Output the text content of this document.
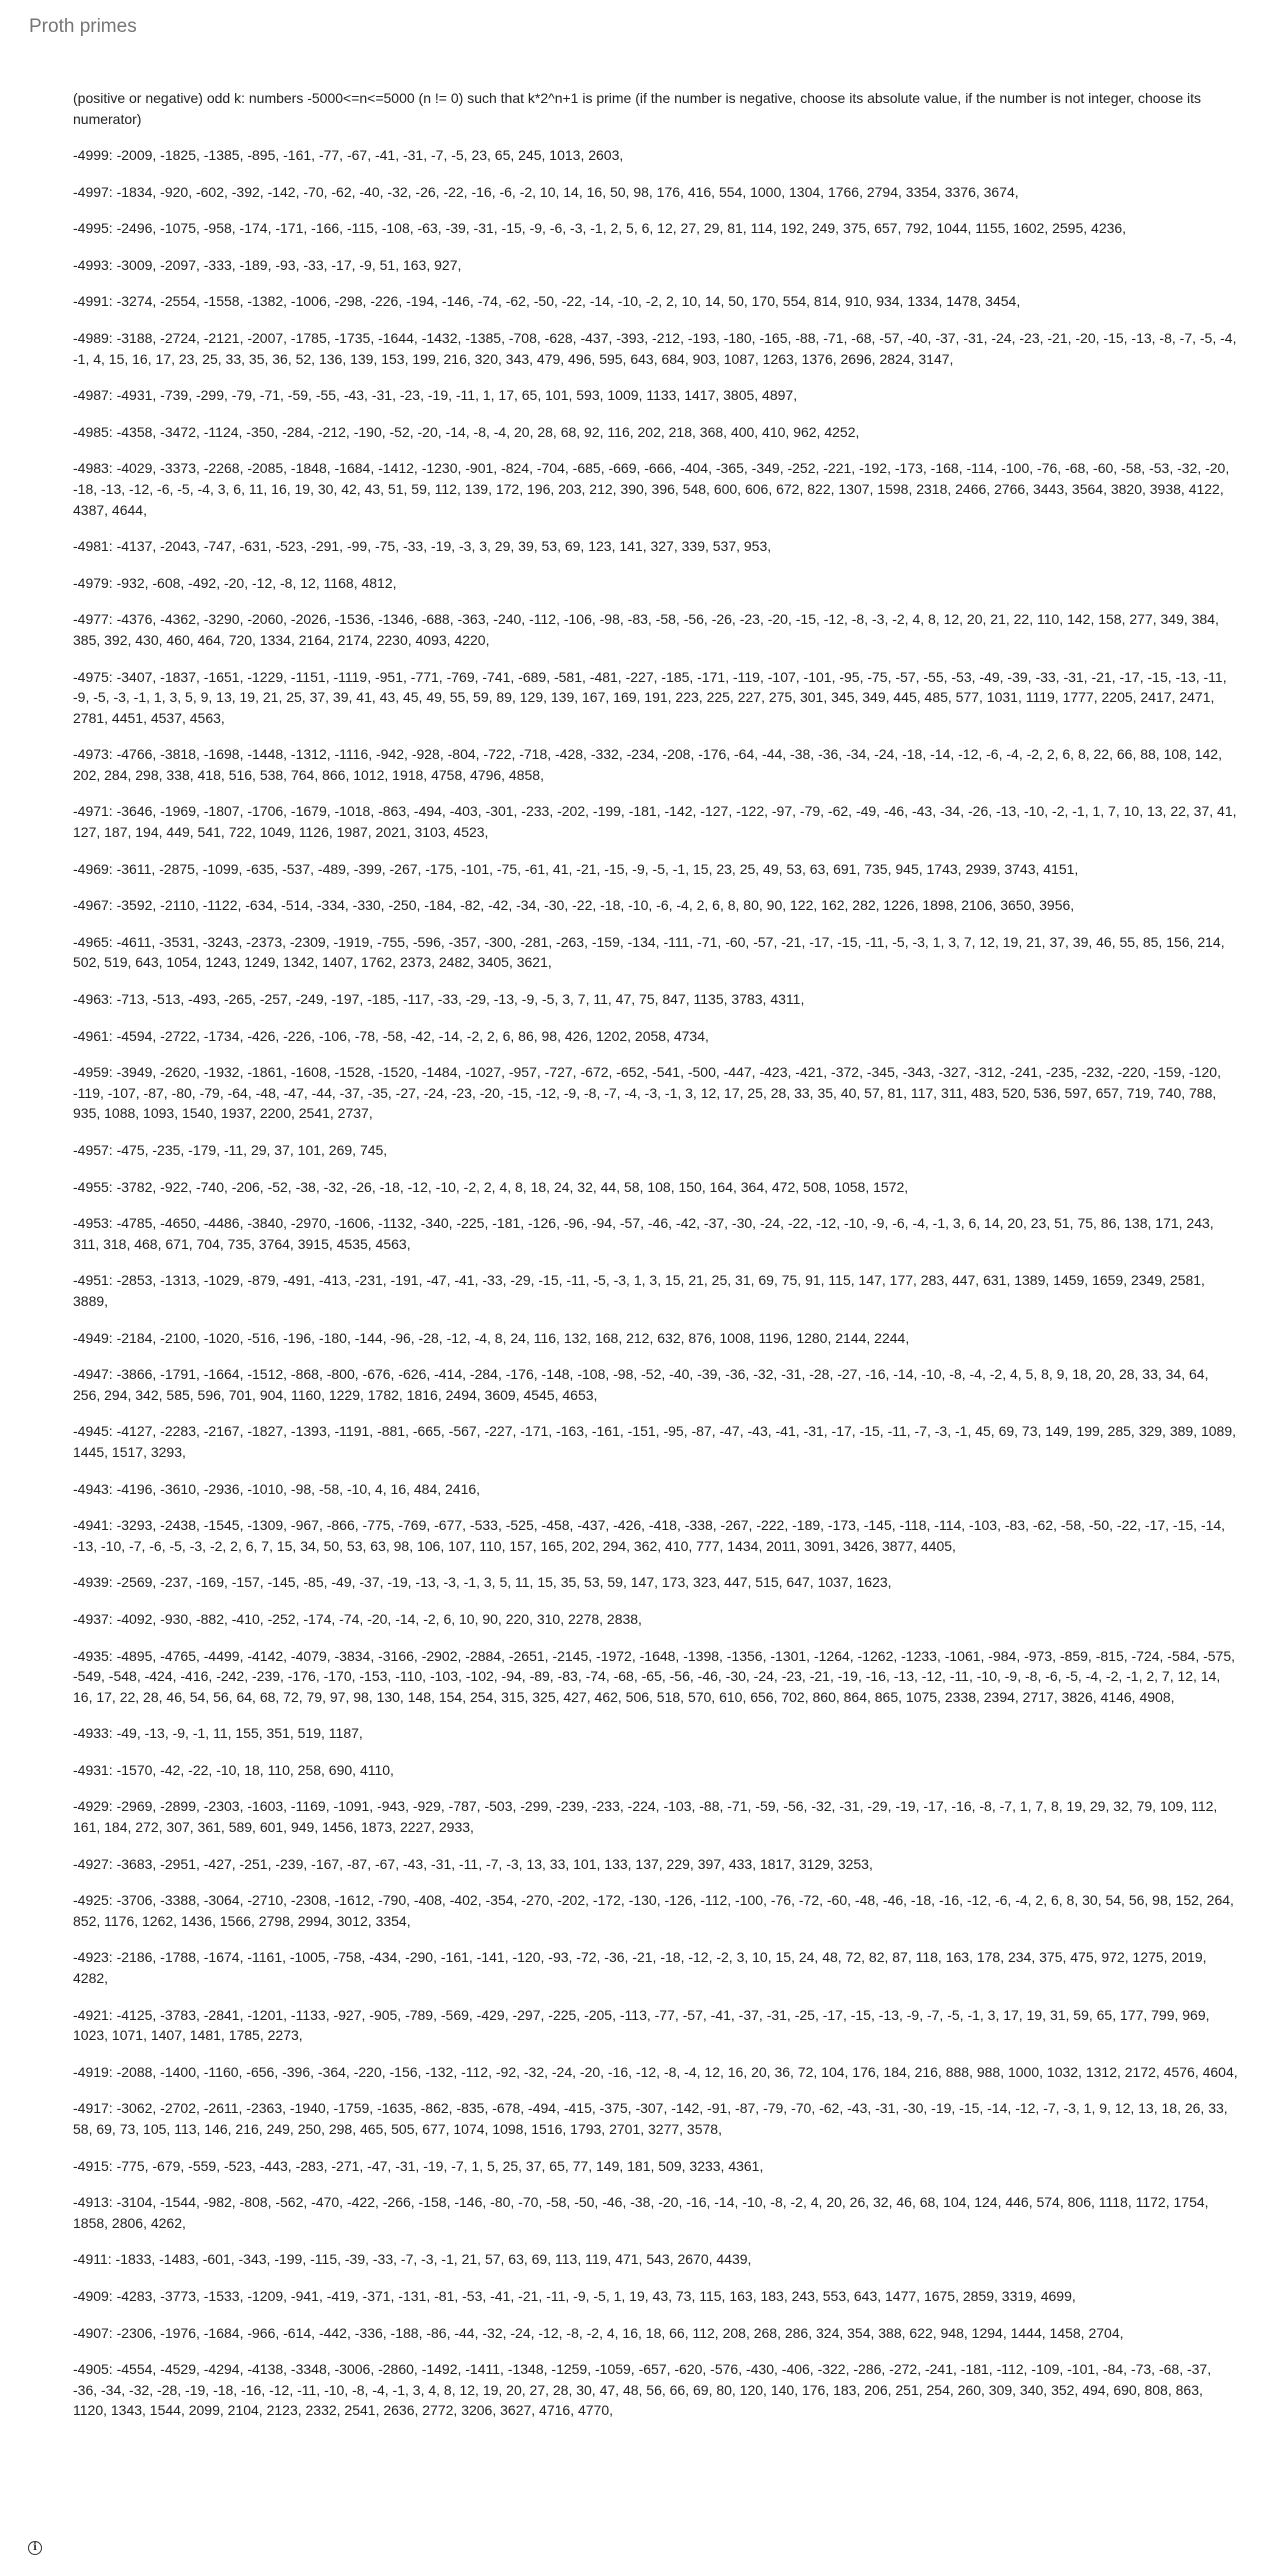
Proth primes

(positive or negative) odd k: numbers -5000<=n<=5000 (n != 0) such that k*2^n+1 is prime (if the number is negative, choose its absolute value, if the number is not integer, choose its numerator)

-4999: -2009, -1825, -1385, -895, -161, -77, -67, -41, -31, -7, -5, 23, 65, 245, 1013, 2603,

-4997: -1834, -920, -602, -392, -142, -70, -62, -40, -32, -26, -22, -16, -6, -2, 10, 14, 16, 50, 98, 176, 416, 554, 1000, 1304, 1766, 2794, 3354, 3376, 3674,

-4995: -2496, -1075, -958, -174, -171, -166, -115, -108, -63, -39, -31, -15, -9, -6, -3, -1, 2, 5, 6, 12, 27, 29, 81, 114, 192, 249, 375, 657, 792, 1044, 1155, 1602, 2595, 4236,

-4993: -3009, -2097, -333, -189, -93, -33, -17, -9, 51, 163, 927,

-4991: -3274, -2554, -1558, -1382, -1006, -298, -226, -194, -146, -74, -62, -50, -22, -14, -10, -2, 2, 10, 14, 50, 170, 554, 814, 910, 934, 1334, 1478, 3454,

-4989: -3188, -2724, -2121, -2007, -1785, -1735, -1644, -1432, -1385, -708, -628, -437, -393, -212, -193, -180, -165, -88, -71, -68, -57, -40, -37, -31, -24, -23, -21, -20, -15, -13, -8, -7, -5, -4, -1, 4, 15, 16, 17, 23, 25, 33, 35, 36, 52, 136, 139, 153, 199, 216, 320, 343, 479, 496, 595, 643, 684, 903, 1087, 1263, 1376, 2696, 2824, 3147,

-4987: -4931, -739, -299, -79, -71, -59, -55, -43, -31, -23, -19, -11, 1, 17, 65, 101, 593, 1009, 1133, 1417, 3805, 4897,

-4985: -4358, -3472, -1124, -350, -284, -212, -190, -52, -20, -14, -8, -4, 20, 28, 68, 92, 116, 202, 218, 368, 400, 410, 962, 4252,

-4983: -4029, -3373, -2268, -2085, -1848, -1684, -1412, -1230, -901, -824, -704, -685, -669, -666, -404, -365, -349, -252, -221, -192, -173, -168, -114, -100, -76, -68, -60, -58, -53, -32, -20, -18, -13, -12, -6, -5, -4, 3, 6, 11, 16, 19, 30, 42, 43, 51, 59, 112, 139, 172, 196, 203, 212, 390, 396, 548, 600, 606, 672, 822, 1307, 1598, 2318, 2466, 2766, 3443, 3564, 3820, 3938, 4122, 4387, 4644,

-4981: -4137, -2043, -747, -631, -523, -291, -99, -75, -33, -19, -3, 3, 29, 39, 53, 69, 123, 141, 327, 339, 537, 953,

-4979: -932, -608, -492, -20, -12, -8, 12, 1168, 4812,

-4977: -4376, -4362, -3290, -2060, -2026, -1536, -1346, -688, -363, -240, -112, -106, -98, -83, -58, -56, -26, -23, -20, -15, -12, -8, -3, -2, 4, 8, 12, 20, 21, 22, 110, 142, 158, 277, 349, 384, 385, 392, 430, 460, 464, 720, 1334, 2164, 2174, 2230, 4093, 4220,

-4975: -3407, -1837, -1651, -1229, -1151, -1119, -951, -771, -769, -741, -689, -581, -481, -227, -185, -171, -119, -107, -101, -95, -75, -57, -55, -53, -49, -39, -33, -31, -21, -17, -15, -13, -11, -9, -5, -3, -1, 1, 3, 5, 9, 13, 19, 21, 25, 37, 39, 41, 43, 45, 49, 55, 59, 89, 129, 139, 167, 169, 191, 223, 225, 227, 275, 301, 345, 349, 445, 485, 577, 1031, 1119, 1777, 2205, 2417, 2471, 2781, 4451, 4537, 4563,

-4973: -4766, -3818, -1698, -1448, -1312, -1116, -942, -928, -804, -722, -718, -428, -332, -234, -208, -176, -64, -44, -38, -36, -34, -24, -18, -14, -12, -6, -4, -2, 2, 6, 8, 22, 66, 88, 108, 142, 202, 284, 298, 338, 418, 516, 538, 764, 866, 1012, 1918, 4758, 4796, 4858,

-4971: -3646, -1969, -1807, -1706, -1679, -1018, -863, -494, -403, -301, -233, -202, -199, -181, -142, -127, -122, -97, -79, -62, -49, -46, -43, -34, -26, -13, -10, -2, -1, 1, 7, 10, 13, 22, 37, 41, 127, 187, 194, 449, 541, 722, 1049, 1126, 1987, 2021, 3103, 4523,

-4969: -3611, -2875, -1099, -635, -537, -489, -399, -267, -175, -101, -75, -61, 41, -21, -15, -9, -5, -1, 15, 23, 25, 49, 53, 63, 691, 735, 945, 1743, 2939, 3743, 4151,

-4967: -3592, -2110, -1122, -634, -514, -334, -330, -250, -184, -82, -42, -34, -30, -22, -18, -10, -6, -4, 2, 6, 8, 80, 90, 122, 162, 282, 1226, 1898, 2106, 3650, 3956,

-4965: -4611, -3531, -3243, -2373, -2309, -1919, -755, -596, -357, -300, -281, -263, -159, -134, -111, -71, -60, -57, -21, -17, -15, -11, -5, -3, 1, 3, 7, 12, 19, 21, 37, 39, 46, 55, 85, 156, 214, 502, 519, 643, 1054, 1243, 1249, 1342, 1407, 1762, 2373, 2482, 3405, 3621,

-4963: -713, -513, -493, -265, -257, -249, -197, -185, -117, -33, -29, -13, -9, -5, 3, 7, 11, 47, 75, 847, 1135, 3783, 4311,

-4961: -4594, -2722, -1734, -426, -226, -106, -78, -58, -42, -14, -2, 2, 6, 86, 98, 426, 1202, 2058, 4734,

-4959: -3949, -2620, -1932, -1861, -1608, -1528, -1520, -1484, -1027, -957, -727, -672, -652, -541, -500, -447, -423, -421, -372, -345, -343, -327, -312, -241, -235, -232, -220, -159, -120, -119, -107, -87, -80, -79, -64, -48, -47, -44, -37, -35, -27, -24, -23, -20, -15, -12, -9, -8, -7, -4, -3, -1, 3, 12, 17, 25, 28, 33, 35, 40, 57, 81, 117, 311, 483, 520, 536, 597, 657, 719, 740, 788, 935, 1088, 1093, 1540, 1937, 2200, 2541, 2737,

-4957: -475, -235, -179, -11, 29, 37, 101, 269, 745,

-4955: -3782, -922, -740, -206, -52, -38, -32, -26, -18, -12, -10, -2, 2, 4, 8, 18, 24, 32, 44, 58, 108, 150, 164, 364, 472, 508, 1058, 1572,

-4953: -4785, -4650, -4486, -3840, -2970, -1606, -1132, -340, -225, -181, -126, -96, -94, -57, -46, -42, -37, -30, -24, -22, -12, -10, -9, -6, -4, -1, 3, 6, 14, 20, 23, 51, 75, 86, 138, 171, 243, 311, 318, 468, 671, 704, 735, 3764, 3915, 4535, 4563,

-4951: -2853, -1313, -1029, -879, -491, -413, -231, -191, -47, -41, -33, -29, -15, -11, -5, -3, 1, 3, 15, 21, 25, 31, 69, 75, 91, 115, 147, 177, 283, 447, 631, 1389, 1459, 1659, 2349, 2581, 3889,

-4949: -2184, -2100, -1020, -516, -196, -180, -144, -96, -28, -12, -4, 8, 24, 116, 132, 168, 212, 632, 876, 1008, 1196, 1280, 2144, 2244,

-4947: -3866, -1791, -1664, -1512, -868, -800, -676, -626, -414, -284, -176, -148, -108, -98, -52, -40, -39, -36, -32, -31, -28, -27, -16, -14, -10, -8, -4, -2, 4, 5, 8, 9, 18, 20, 28, 33, 34, 64, 256, 294, 342, 585, 596, 701, 904, 1160, 1229, 1782, 1816, 2494, 3609, 4545, 4653,

-4945: -4127, -2283, -2167, -1827, -1393, -1191, -881, -665, -567, -227, -171, -163, -161, -151, -95, -87, -47, -43, -41, -31, -17, -15, -11, -7, -3, -1, 45, 69, 73, 149, 199, 285, 329, 389, 1089, 1445, 1517, 3293,

-4943: -4196, -3610, -2936, -1010, -98, -58, -10, 4, 16, 484, 2416,

-4941: -3293, -2438, -1545, -1309, -967, -866, -775, -769, -677, -533, -525, -458, -437, -426, -418, -338, -267, -222, -189, -173, -145, -118, -114, -103, -83, -62, -58, -50, -22, -17, -15, -14, -13, -10, -7, -6, -5, -3, -2, 2, 6, 7, 15, 34, 50, 53, 63, 98, 106, 107, 110, 157, 165, 202, 294, 362, 410, 777, 1434, 2011, 3091, 3426, 3877, 4405,

-4939: -2569, -237, -169, -157, -145, -85, -49, -37, -19, -13, -3, -1, 3, 5, 11, 15, 35, 53, 59, 147, 173, 323, 447, 515, 647, 1037, 1623,

-4937: -4092, -930, -882, -410, -252, -174, -74, -20, -14, -2, 6, 10, 90, 220, 310, 2278, 2838,

-4935: -4895, -4765, -4499, -4142, -4079, -3834, -3166, -2902, -2884, -2651, -2145, -1972, -1648, -1398, -1356, -1301, -1264, -1262, -1233, -1061, -984, -973, -859, -815, -724, -584, -575, -549, -548, -424, -416, -242, -239, -176, -170, -153, -110, -103, -102, -94, -89, -83, -74, -68, -65, -56, -46, -30, -24, -23, -21, -19, -16, -13, -12, -11, -10, -9, -8, -6, -5, -4, -2, -1, 2, 7, 12, 14, 16, 17, 22, 28, 46, 54, 56, 64, 68, 72, 79, 97, 98, 130, 148, 154, 254, 315, 325, 427, 462, 506, 518, 570, 610, 656, 702, 860, 864, 865, 1075, 2338, 2394, 2717, 3826, 4146, 4908,

-4933: -49, -13, -9, -1, 11, 155, 351, 519, 1187,

-4931: -1570, -42, -22, -10, 18, 110, 258, 690, 4110,

-4929: -2969, -2899, -2303, -1603, -1169, -1091, -943, -929, -787, -503, -299, -239, -233, -224, -103, -88, -71, -59, -56, -32, -31, -29, -19, -17, -16, -8, -7, 1, 7, 8, 19, 29, 32, 79, 109, 112, 161, 184, 272, 307, 361, 589, 601, 949, 1456, 1873, 2227, 2933,

-4927: -3683, -2951, -427, -251, -239, -167, -87, -67, -43, -31, -11, -7, -3, 13, 33, 101, 133, 137, 229, 397, 433, 1817, 3129, 3253,

-4925: -3706, -3388, -3064, -2710, -2308, -1612, -790, -408, -402, -354, -270, -202, -172, -130, -126, -112, -100, -76, -72, -60, -48, -46, -18, -16, -12, -6, -4, 2, 6, 8, 30, 54, 56, 98, 152, 264, 852, 1176, 1262, 1436, 1566, 2798, 2994, 3012, 3354,

-4923: -2186, -1788, -1674, -1161, -1005, -758, -434, -290, -161, -141, -120, -93, -72, -36, -21, -18, -12, -2, 3, 10, 15, 24, 48, 72, 82, 87, 118, 163, 178, 234, 375, 475, 972, 1275, 2019, 4282,

-4921: -4125, -3783, -2841, -1201, -1133, -927, -905, -789, -569, -429, -297, -225, -205, -113, -77, -57, -41, -37, -31, -25, -17, -15, -13, -9, -7, -5, -1, 3, 17, 19, 31, 59, 65, 177, 799, 969, 1023, 1071, 1407, 1481, 1785, 2273,

-4919: -2088, -1400, -1160, -656, -396, -364, -220, -156, -132, -112, -92, -32, -24, -20, -16, -12, -8, -4, 12, 16, 20, 36, 72, 104, 176, 184, 216, 888, 988, 1000, 1032, 1312, 2172, 4576, 4604,

-4917: -3062, -2702, -2611, -2363, -1940, -1759, -1635, -862, -835, -678, -494, -415, -375, -307, -142, -91, -87, -79, -70, -62, -43, -31, -30, -19, -15, -14, -12, -7, -3, 1, 9, 12, 13, 18, 26, 33, 58, 69, 73, 105, 113, 146, 216, 249, 250, 298, 465, 505, 677, 1074, 1098, 1516, 1793, 2701, 3277, 3578,

-4915: -775, -679, -559, -523, -443, -283, -271, -47, -31, -19, -7, 1, 5, 25, 37, 65, 77, 149, 181, 509, 3233, 4361,

-4913: -3104, -1544, -982, -808, -562, -470, -422, -266, -158, -146, -80, -70, -58, -50, -46, -38, -20, -16, -14, -10, -8, -2, 4, 20, 26, 32, 46, 68, 104, 124, 446, 574, 806, 1118, 1172, 1754, 1858, 2806, 4262,

-4911: -1833, -1483, -601, -343, -199, -115, -39, -33, -7, -3, -1, 21, 57, 63, 69, 113, 119, 471, 543, 2670, 4439,

-4909: -4283, -3773, -1533, -1209, -941, -419, -371, -131, -81, -53, -41, -21, -11, -9, -5, 1, 19, 43, 73, 115, 163, 183, 243, 553, 643, 1477, 1675, 2859, 3319, 4699,

-4907: -2306, -1976, -1684, -966, -614, -442, -336, -188, -86, -44, -32, -24, -12, -8, -2, 4, 16, 18, 66, 112, 208, 268, 286, 324, 354, 388, 622, 948, 1294, 1444, 1458, 2704,

-4905: -4554, -4529, -4294, -4138, -3348, -3006, -2860, -1492, -1411, -1348, -1259, -1059, -657, -620, -576, -430, -406, -322, -286, -272, -241, -181, -112, -109, -101, -84, -73, -68, -37, -36, -34, -32, -28, -19, -18, -16, -12, -11, -10, -8, -4, -1, 3, 4, 8, 12, 19, 20, 27, 28, 30, 47, 48, 56, 66, 69, 80, 120, 140, 176, 183, 206, 251, 254, 260, 309, 340, 352, 494, 690, 808, 863, 1120, 1343, 1544, 2099, 2104, 2123, 2332, 2541, 2636, 2772, 3206, 3627, 4716, 4770,

i
